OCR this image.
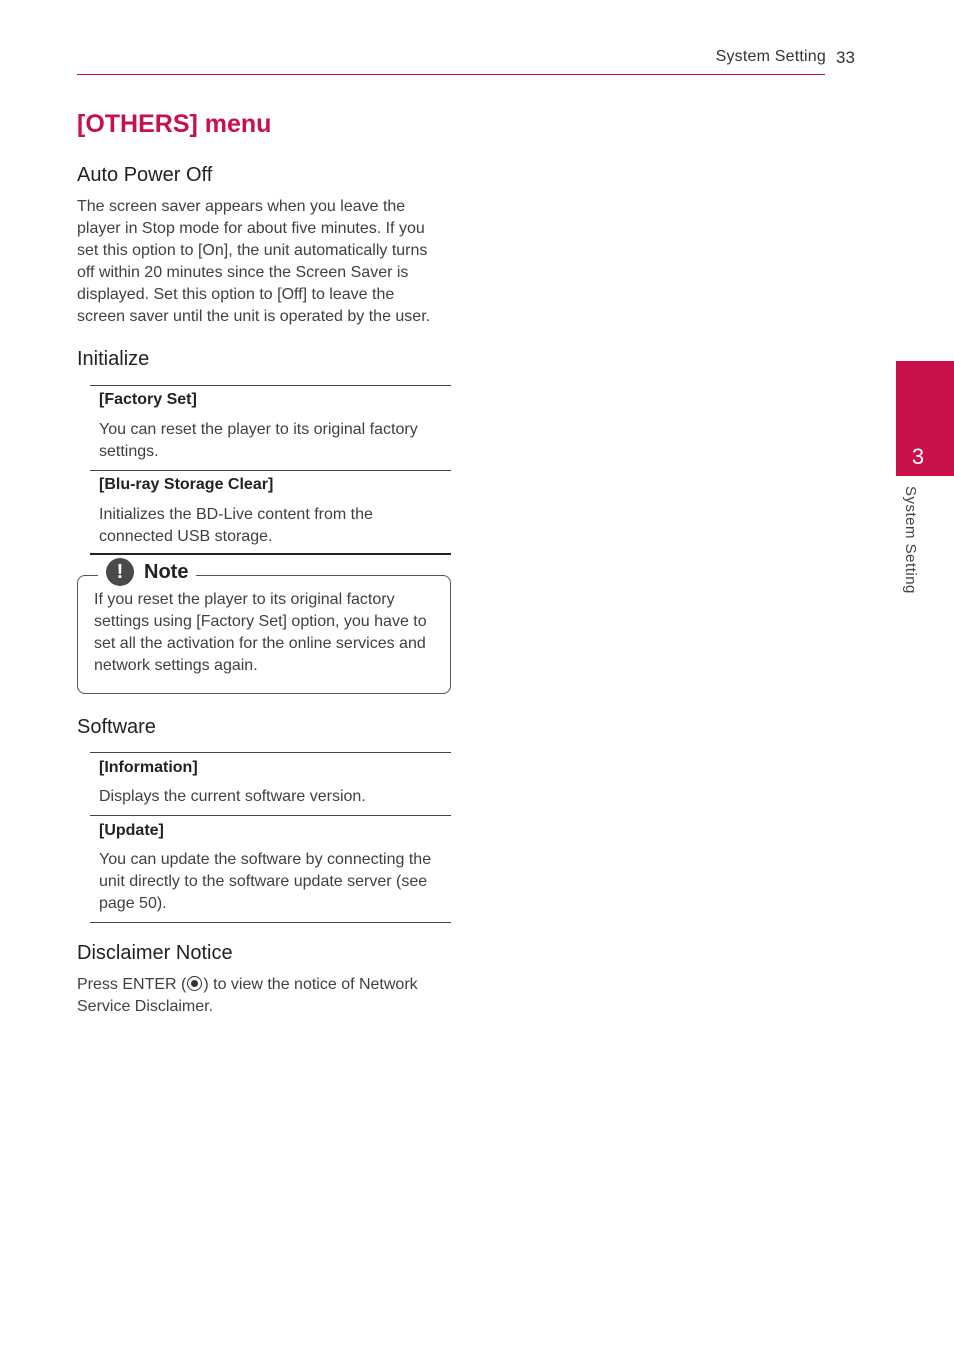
System Setting 33
[OTHERS] menu
Auto Power Off
The screen saver appears when you leave the player in Stop mode for about five minutes. If you set this option to [On], the unit automatically turns off within 20 minutes since the Screen Saver is displayed. Set this option to [Off] to leave the screen saver until the unit is operated by the user.
Initialize
[Factory Set]
You can reset the player to its original factory settings.
[Blu-ray Storage Clear]
Initializes the BD-Live content from the connected USB storage.
!	Note
If you reset the player to its original factory settings using [Factory Set] option, you have to set all the activation for the online services and network settings again.
Software
[Information]
Displays the current software version.
[Update]
You can update the software by connecting the unit directly to the software update server (see page 50).
Disclaimer Notice
Press ENTER ( ) to view the notice of Network Service Disclaimer.
3
System Setting
